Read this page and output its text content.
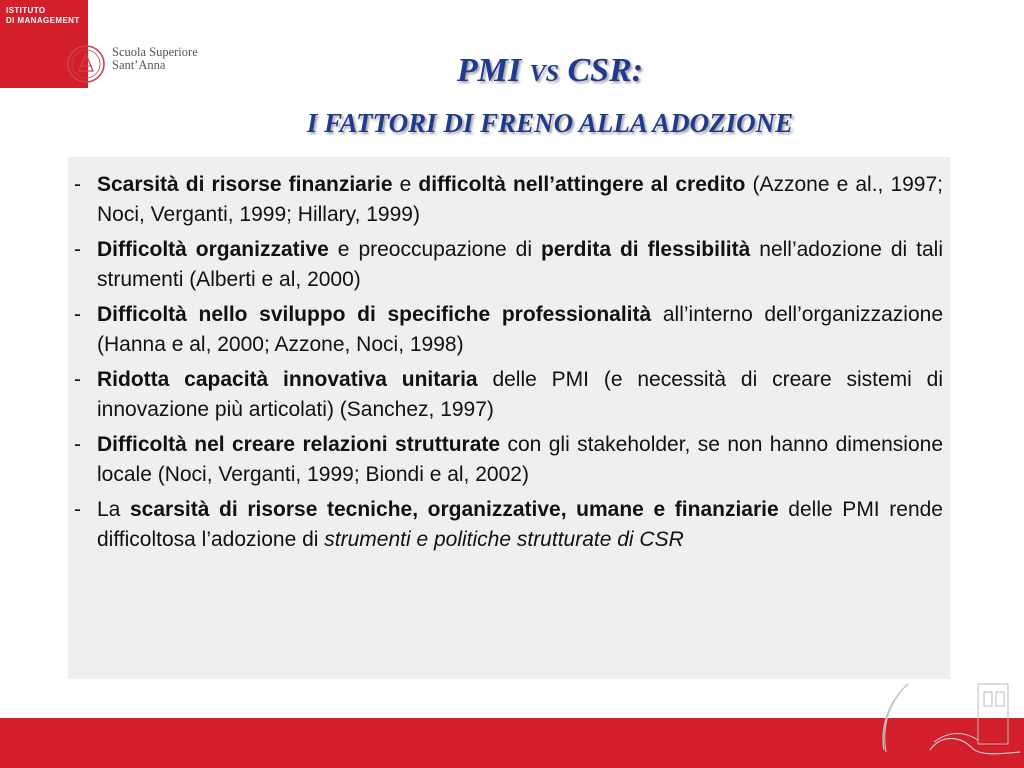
ISTITUTO
DI MANAGEMENT
Scuola Superiore
Sant’Anna	PMI VS CSR:
I FATTORI DI FRENO ALLA ADOZIONE
- Scarsità di risorse finanziarie e difficoltà nell’attingere al credito (Azzone e al., 1997; Noci, Verganti, 1999; Hillary, 1999)
- Difficoltà organizzative e preoccupazione di perdita di flessibilità nell’adozione di tali strumenti (Alberti e al, 2000)
- Difficoltà nello sviluppo di specifiche professionalità all’interno dell’organizzazione (Hanna e al, 2000; Azzone, Noci, 1998)
- Ridotta capacità innovativa unitaria delle PMI (e necessità di creare sistemi di innovazione più articolati) (Sanchez, 1997)
- Difficoltà nel creare relazioni strutturate con gli stakeholder, se non hanno dimensione locale (Noci, Verganti, 1999; Biondi e al, 2002)
- La scarsità di risorse tecniche, organizzative, umane e finanziarie delle PMI rende difficoltosa l’adozione di strumenti e politiche strutturate di CSR
